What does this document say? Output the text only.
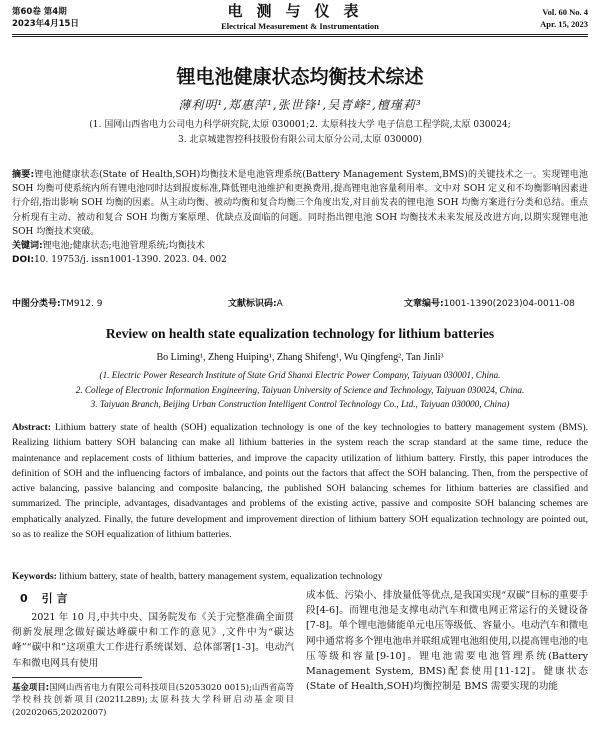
第60卷 第4期
2023年4月15日
电测与仪表
Electrical Measurement & Instrumentation
Vol. 60 No. 4
Apr. 15, 2023
锂电池健康状态均衡技术综述
薄利明¹,郑惠萍¹,张世锋¹,吴青峰²,檀瑾莉³
(1. 国网山西省电力公司电力科学研究院,太原 030001;2. 太原科技大学 电子信息工程学院,太原 030024;
3. 北京城建智控科技股份有限公司太原分公司,太原 030000)
摘要:锂电池健康状态(State of Health,SOH)均衡技术是电池管理系统(Battery Management System,BMS)的关键技术之一。实现锂电池 SOH 均衡可使系统内所有锂电池同时达到报废标准,降低锂电池维护和更换费用,提高锂电池容量利用率。文中对 SOH 定义和不均衡影响因素进行介绍,指出影响 SOH 均衡的因素。从主动均衡、被动均衡和复合均衡三个角度出发,对目前发表的锂电池 SOH 均衡方案进行分类和总结。重点分析现有主动、被动和复合 SOH 均衡方案原理、优缺点及面临的问题。同时指出锂电池 SOH 均衡技术未来发展及改进方向,以期实现锂电池 SOH 均衡技术突破。
关键词:锂电池;健康状态;电池管理系统;均衡技术
DOI:10. 19753/j. issn1001-1390. 2023. 04. 002
中图分类号:TM912. 9	文献标识码:A	文章编号:1001-1390(2023)04-0011-08
Review on health state equalization technology for lithium batteries
Bo Liming¹, Zheng Huiping¹, Zhang Shifeng¹, Wu Qingfeng², Tan Jinli³
(1. Electric Power Research Institute of State Grid Shanxi Electric Power Company, Taiyuan 030001, China.
2. College of Electronic Information Engineering, Taiyuan University of Science and Technology, Taiyuan 030024, China.
3. Taiyuan Branch, Beijing Urban Construction Intelligent Control Technology Co., Ltd., Taiyuan 030000, China)
Abstract: Lithium battery state of health (SOH) equalization technology is one of the key technologies to battery management system (BMS). Realizing lithium battery SOH balancing can make all lithium batteries in the system reach the scrap standard at the same time, reduce the maintenance and replacement costs of lithium batteries, and improve the capacity utilization of lithium battery. Firstly, this paper introduces the definition of SOH and the influencing factors of imbalance, and points out the factors that affect the SOH balancing. Then, from the perspective of active balancing, passive balancing and composite balancing, the published SOH balancing schemes for lithium batteries are classified and summarized. The principle, advantages, disadvantages and problems of the existing active, passive and composite SOH balancing schemes are emphatically analyzed. Finally, the future development and improvement direction of lithium battery SOH equalization technology are pointed out, so as to realize the SOH equalization of lithium batteries.
Keywords: lithium battery, state of health, battery management system, equalization technology
0 引 言

2021 年 10 月,中共中央、国务院发布《关于完整准确全面贯彻新发展理念做好碳达峰碳中和工作的意见》,文件中为“碳达峰”“碳中和”这项重大工作进行系统谋划、总体部署[1-3]。电动汽车和微电网具有使用

基金项目:国网山西省电力有限公司科技项目(52053020 0015);山西省高等学校科技创新项目(2021L289);太原科技大学科研启动基金项目(20202065,20202007)

成本低、污染小、排放量低等优点,是我国实现“双碳”目标的重要手段[4-6]。而锂电池是支撑电动汽车和微电网正常运行的关键设备[7-8]。单个锂电池储能单元电压等级低、容量小。电动汽车和微电网中通常将多个锂电池串并联组成锂电池组使用,以提高锂电池的电压等级和容量[9-10]。锂电池需要电池管理系统(Battery Management System, BMS)配套使用[11-12]。健康状态(State of Health,SOH)均衡控制是 BMS 需要实现的功能
